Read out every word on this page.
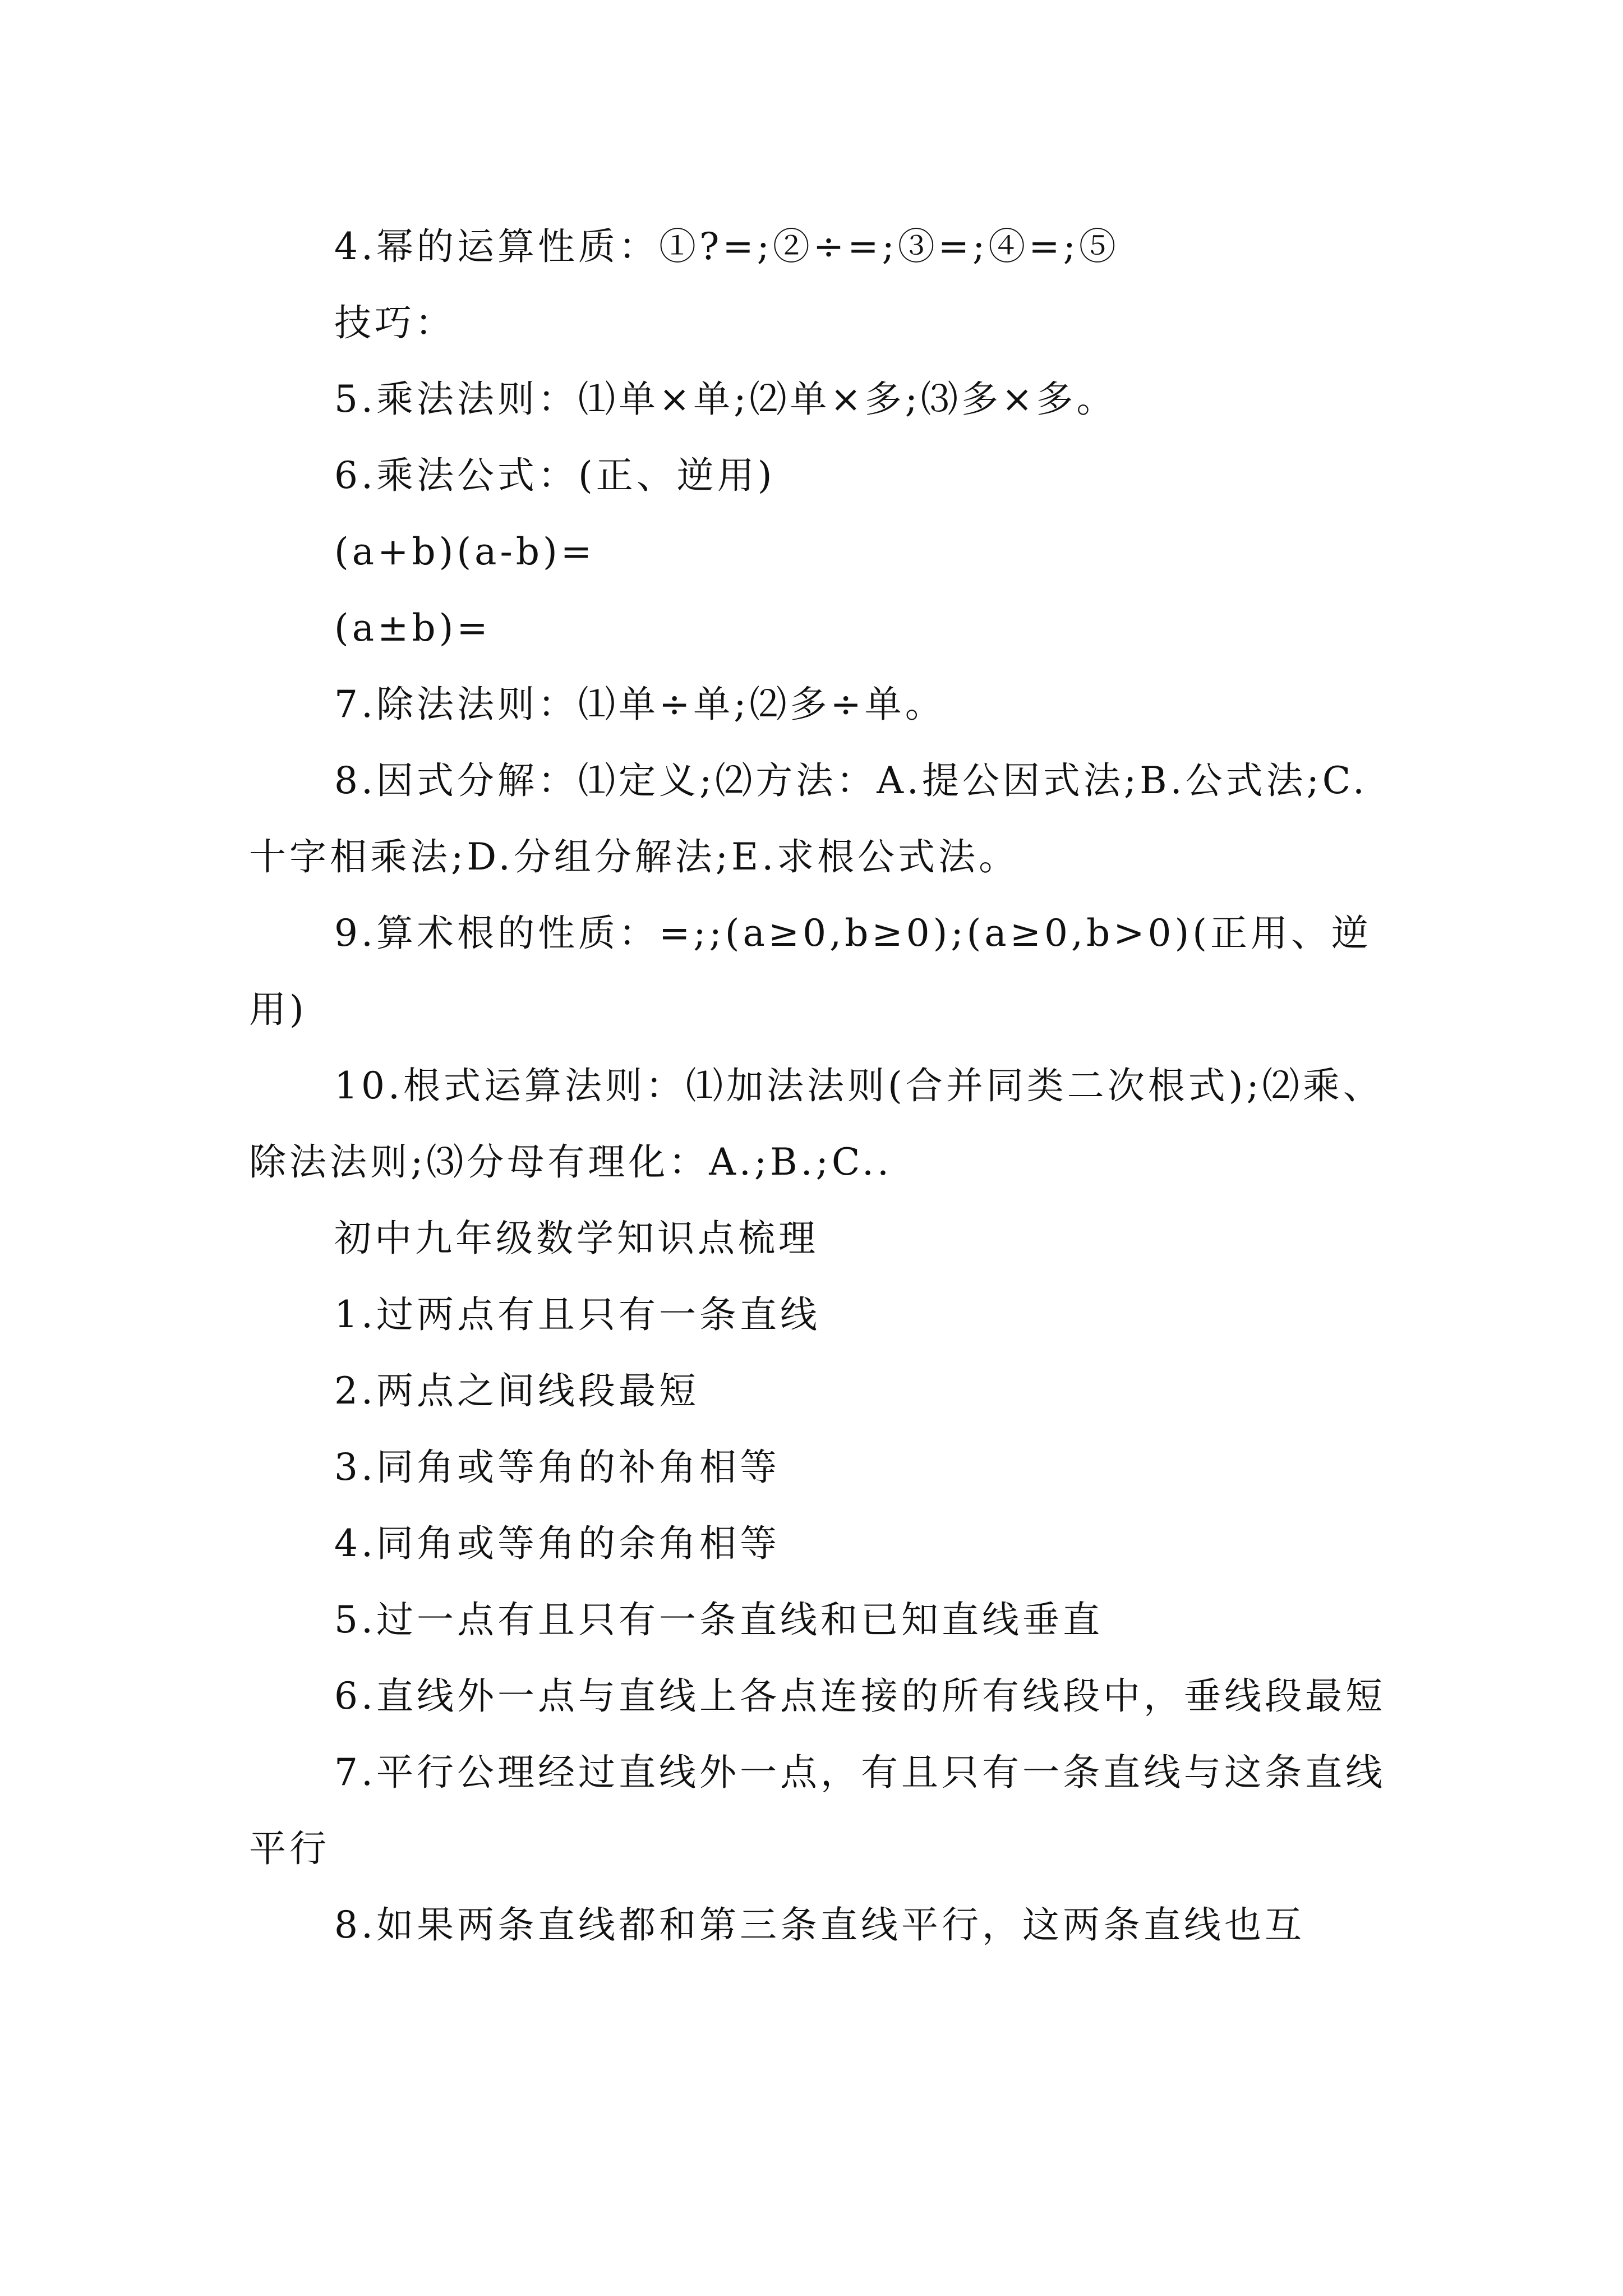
4.幂的运算性质：①?=;②÷=;③=;④=;⑤

技巧：

5.乘法法则：⑴单×单;⑵单×多;⑶多×多。

6.乘法公式：(正、逆用)

(a+b)(a-b)=

(a±b)=

7.除法法则：⑴单÷单;⑵多÷单。

8.因式分解：⑴定义;⑵方法：A.提公因式法;B.公式法;C.十字相乘法;D.分组分解法;E.求根公式法。

9.算术根的性质：=;;(a≥0,b≥0);(a≥0,b>0)(正用、逆用)

10.根式运算法则：⑴加法法则(合并同类二次根式);⑵乘、除法法则;⑶分母有理化：A.;B.;C..

初中九年级数学知识点梳理

1.过两点有且只有一条直线

2.两点之间线段最短

3.同角或等角的补角相等

4.同角或等角的余角相等

5.过一点有且只有一条直线和已知直线垂直

6.直线外一点与直线上各点连接的所有线段中，垂线段最短

7.平行公理经过直线外一点，有且只有一条直线与这条直线平行

8.如果两条直线都和第三条直线平行，这两条直线也互
